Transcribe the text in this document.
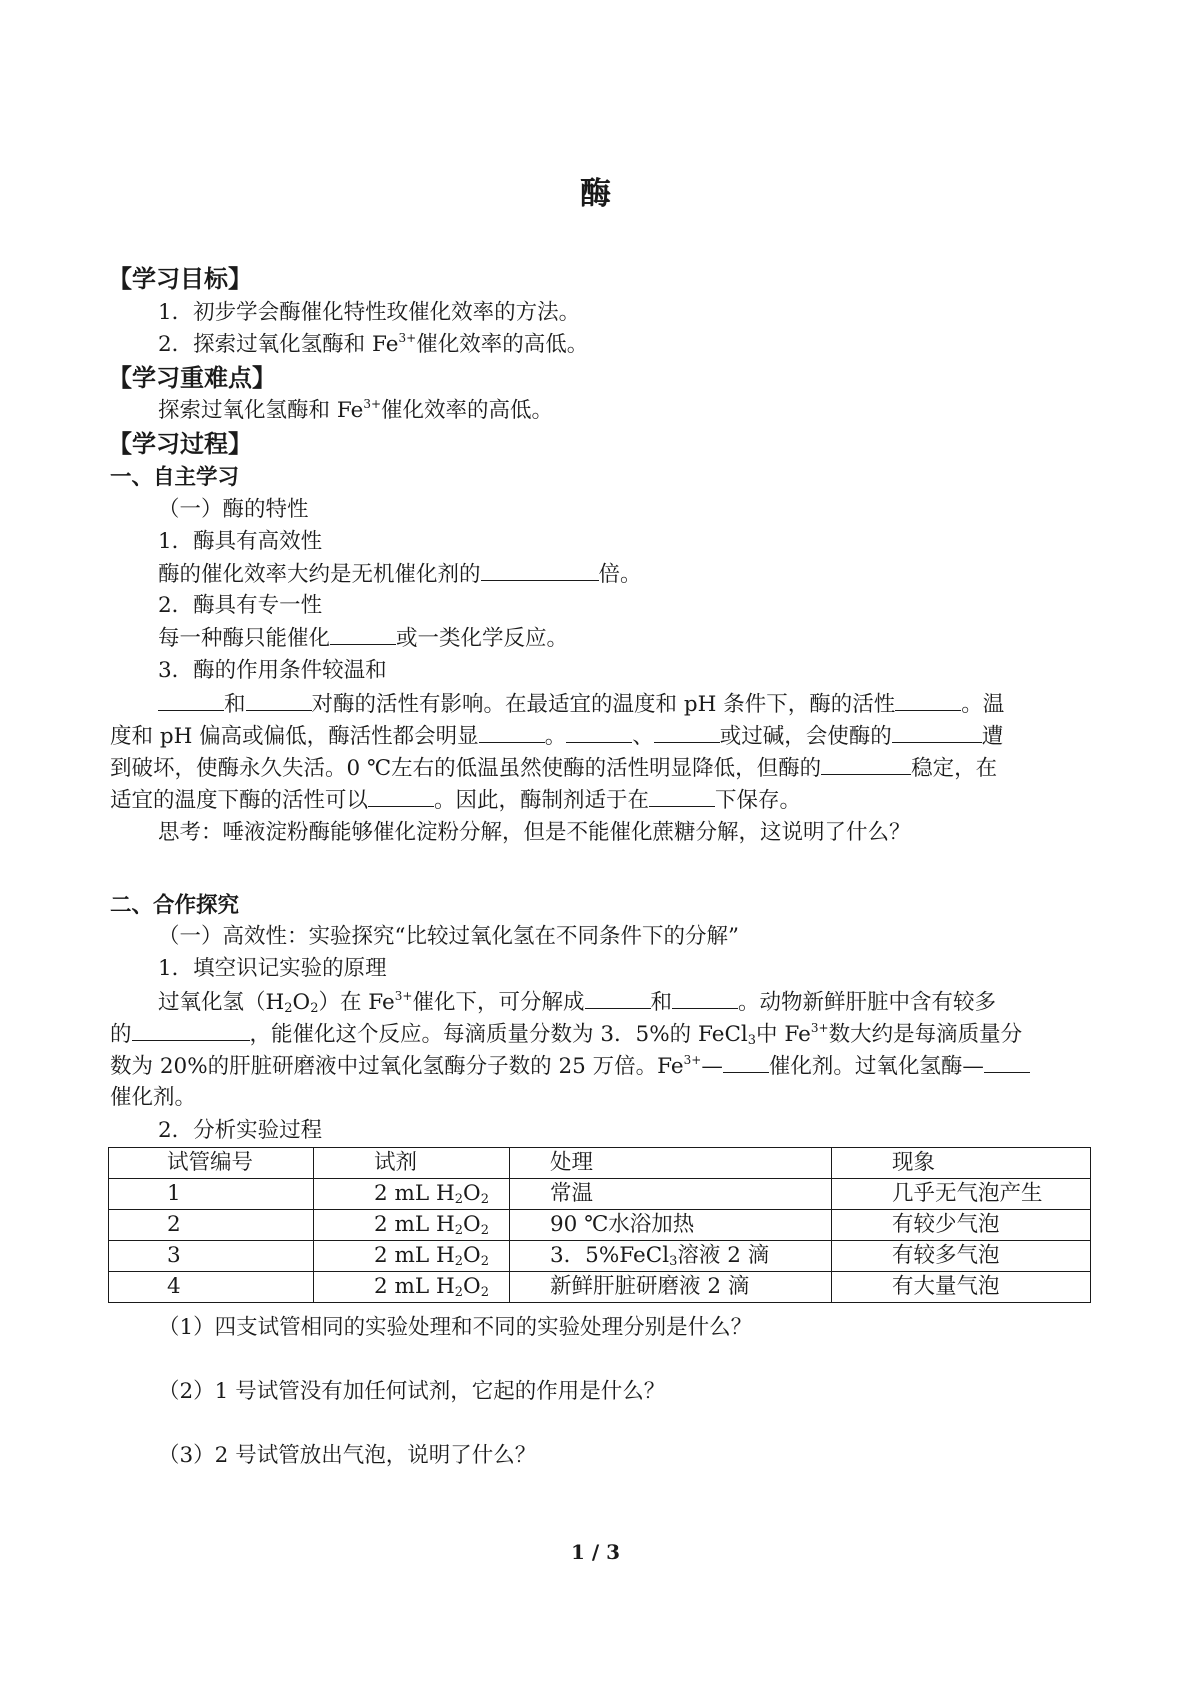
酶
【学习目标】
1．初步学会酶催化特性玫催化效率的方法。
2．探索过氧化氢酶和 $Fe^{3+}$催化效率的高低。
【学习重难点】
探索过氧化氢酶和 $Fe^{3+}$催化效率的高低。
【学习过程】
一、自主学习
（一）酶的特性
1．酶具有高效性
酶的催化效率大约是无机催化剂的	倍。
2．酶具有专一性
每一种酶只能催化	或一类化学反应。
3．酶的作用条件较温和
和	对酶的活性有影响。在最适宜的温度和 pH 条件下，酶的活性	。温
度和 pH 偏高或偏低，酶活性都会明显	。	、	或过碱，会使酶的	遭
到破坏，使酶永久失活。0 ℃左右的低温虽然使酶的活性明显降低，但酶的	稳定，在
适宜的温度下酶的活性可以	。因此，酶制剂适于在	下保存。
思考：唾液淀粉酶能够催化淀粉分解，但是不能催化蔗糖分解，这说明了什么？
二、合作探究
（一）高效性：实验探究“比较过氧化氢在不同条件下的分解”
1．填空识记实验的原理
过氧化氢$(H_2O_2)$在 $Fe^{3+}$催化下，可分解成	和	。动物新鲜肝脏中含有较多
的	，能催化这个反应。每滴质量分数为 3．5%的 FeCl$_3$中 $Fe^{3+}$数大约是每滴质量分
数为 20%的肝脏研磨液中过氧化氢酶分子数的 25 万倍。$Fe^{3+}—$ 催化剂。过氧化氢酶—
催化剂。
2．分析实验过程
试管编号	试剂	处理	现象
1	2 mL $H_2O_2$	常温	几乎无气泡产生
2	2 mL $H_2O_2$	90 ℃水浴加热	有较少气泡
3	2 mL $H_2O_2$	3．5%FeCl$_3$溶液 2 滴	有较多气泡
4	2 mL $H_2O_2$	新鲜肝脏研磨液 2 滴	有大量气泡
（1）四支试管相同的实验处理和不同的实验处理分别是什么？
（2）1 号试管没有加任何试剂，它起的作用是什么？
（3）2 号试管放出气泡，说明了什么？
1 / 3
